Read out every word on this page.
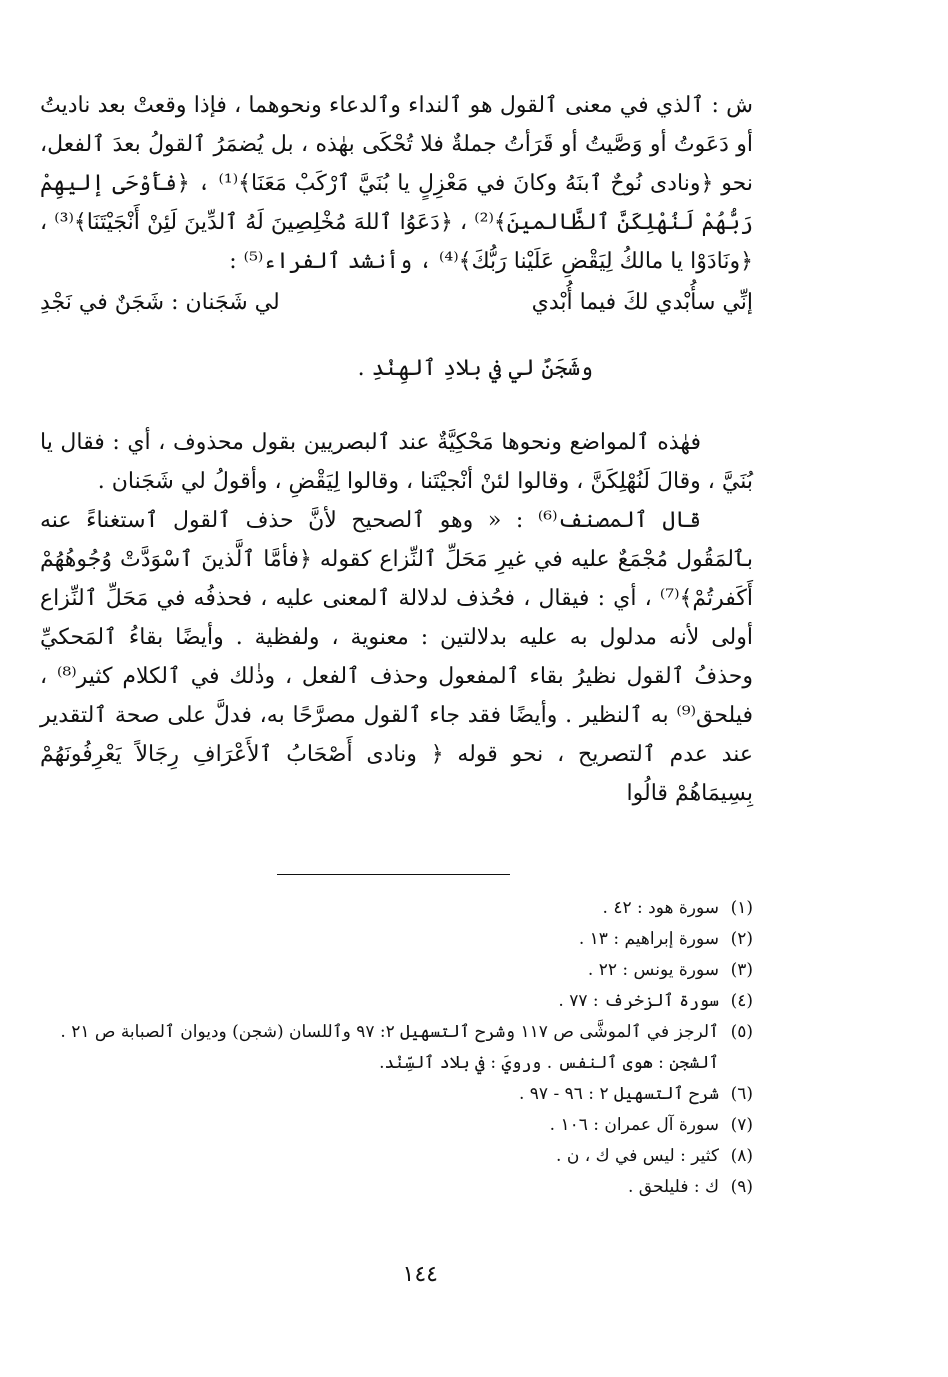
ش : ٱلذي في معنى ٱلقول هو ٱلنداء وٱلدعاء ونحوهما ، فإذا وقعتْ بعد ناديتُ أو دَعَوتُ أو وَصَّيتُ أو قَرَأتُ جملةٌ فلا تُحْكَى بهٰذه ، بل يُضمَرُ ٱلقولُ بعدَ ٱلفعل، نحو ﴿ونادى نُوحٌ ٱبنَهُ وكانَ في مَعْزِلٍ يا بُنَيَّ ٱرْكَبْ مَعَنَا﴾⁽¹⁾ ، ﴿فأَوْحَى إليهِمْ رَبُّهُمْ لَنُهْلِكَنَّ ٱلظَّالمينَ﴾⁽²⁾ ، ﴿دَعَوُا ٱللهَ مُخْلِصِينَ لَهُ ٱلدِّينَ لَئِنْ أَنْجَيْتَنَا﴾⁽³⁾ ، ﴿ونَادَوْا يا مالكُ لِيَقْضِ عَلَيْنا رَبُّكَ﴾⁽⁴⁾ ، وأنشد ٱلفراء⁽⁵⁾ :

إنِّي سأُبْدي لكَ فيما أُبْدي
لي شَجَنان : شَجَنٌ في نَجْدِ
وشَجَنٌ لي في بلادِ ٱلهِنْدِ .

فهٰذه ٱلمواضع ونحوها مَحْكِيَّةٌ عند ٱلبصريين بقول محذوف ، أي : فقال يا بُنَيَّ ، وقالَ لَنُهْلِكَنَّ ، وقالوا لئنْ أنْجيْتَنا ، وقالوا لِيَقْضِ ، وأقولُ لي شَجَنان .

قال ٱلمصنف⁽⁶⁾ : « وهو ٱلصحيح لأنَّ حذف ٱلقول ٱستغناءً عنه بٱلمَقُول مُجْمَعٌ عليه في غيرِ مَحَلِّ ٱلنِّزاع كقوله ﴿فأمَّا ٱلَّذينَ ٱسْوَدَّتْ وُجُوهُهُمْ أَكَفرتُمْ﴾⁽⁷⁾ ، أي : فيقال ، فحُذف لدلالة ٱلمعنى عليه ، فحذفُه في مَحَلِّ ٱلنِّزاع أولى لأنه مدلول به عليه بدلالتين : معنوية ، ولفظية . وأيضًا بقاءُ ٱلمَحكيِّ وحذفُ ٱلقول نظيرُ بقاء ٱلمفعول وحذف ٱلفعل ، وذٰلك في ٱلكلام كثير⁽⁸⁾ ، فيلحق⁽⁹⁾ به ٱلنظير . وأيضًا فقد جاء ٱلقول مصرَّحًا به، فدلَّ على صحة ٱلتقدير عند عدم ٱلتصريح ، نحو قوله ﴿ ونادى أَصْحَابُ ٱلأَعْرَافِ رِجَالاً يَعْرِفُونَهُمْ بِسِيمَاهُمْ قالُوا

(١)سورة هود : ٤٢ .

(٢)سورة إبراهيم : ١٣ .

(٣)سورة يونس : ٢٢ .

(٤)سورة ٱلزخرف : ٧٧ .

(٥)ٱلرجز في ٱلموشَّى ص ١١٧ وشرح ٱلتسهيل ٢: ٩٧ وٱللسان (شجن) وديوان ٱلصبابة ص ٢١ . ٱلشجن : هوى ٱلنفس . ورويَ : في بلاد ٱلسِّنْد.

(٦)شرح ٱلتسهيل ٢ : ٩٦ - ٩٧ .

(٧)سورة آل عمران : ١٠٦ .

(٨)كثير : ليس في ك ، ن .

(٩)ك : فليلحق .

١٤٤
